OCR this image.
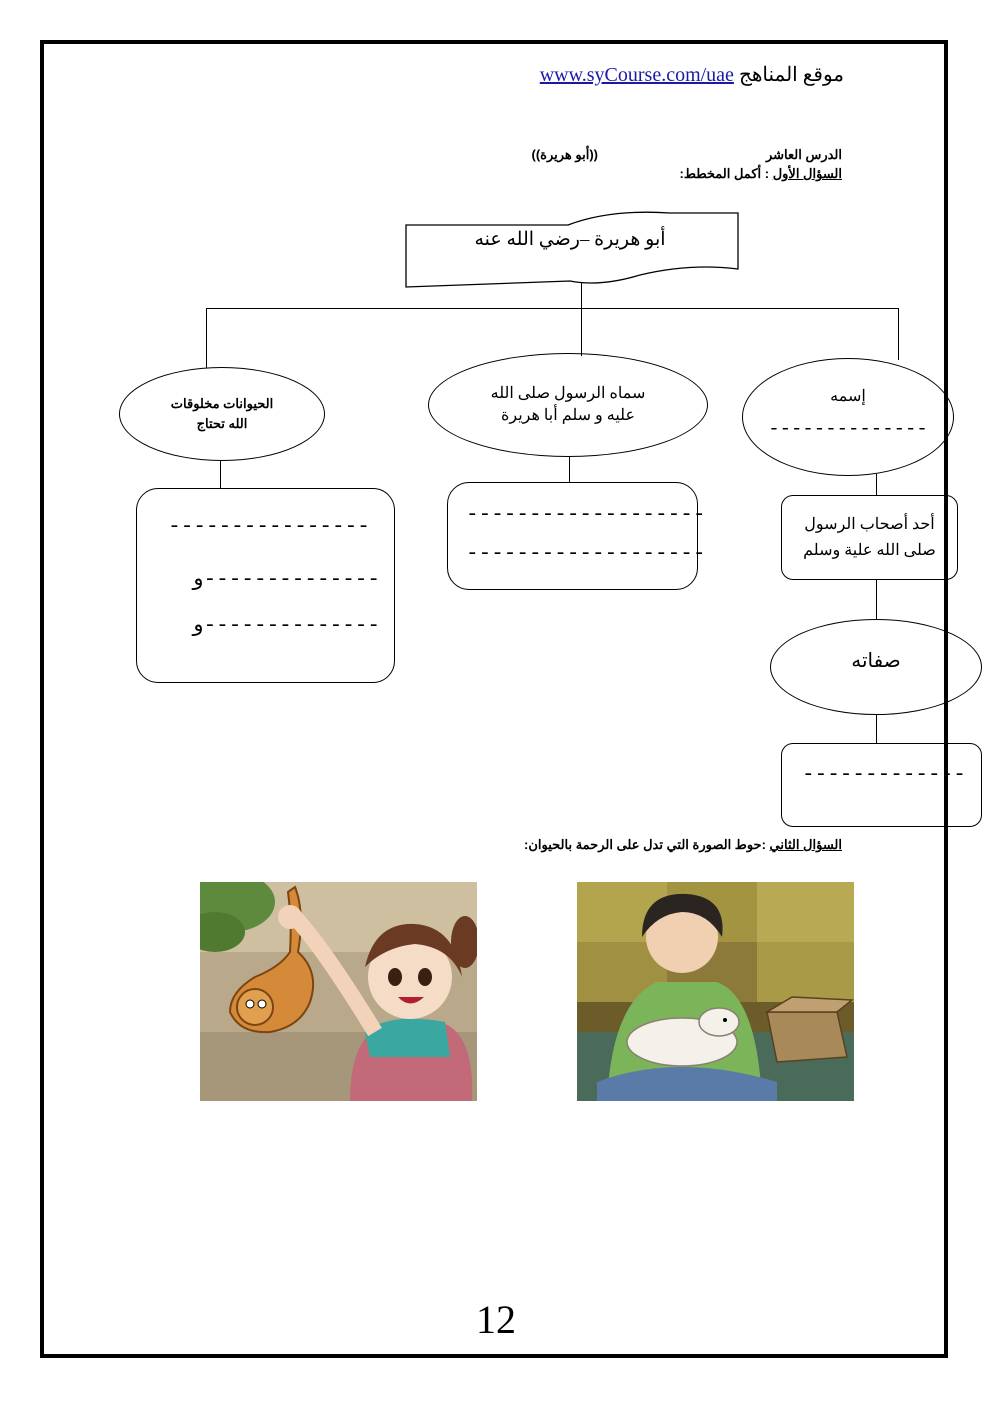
موقع المناهج www.syCourse.com/uae
الدرس العاشر
((أبو هريرة))
السؤال الأول : أكمل المخطط:
أبو هريرة –رضي الله عنه
إسمه
--------------
سماه الرسول صلى الله
عليه و سلم أبا هريرة
الحيوانات مخلوقات
الله تحتاج
----------------
--------------و
--------------و
-------------------
-------------------
أحد أصحاب الرسول
صلى الله علية وسلم
صفاته
-------------
السؤال الثاني :حوط الصورة التي تدل على الرحمة بالحيوان:
12
